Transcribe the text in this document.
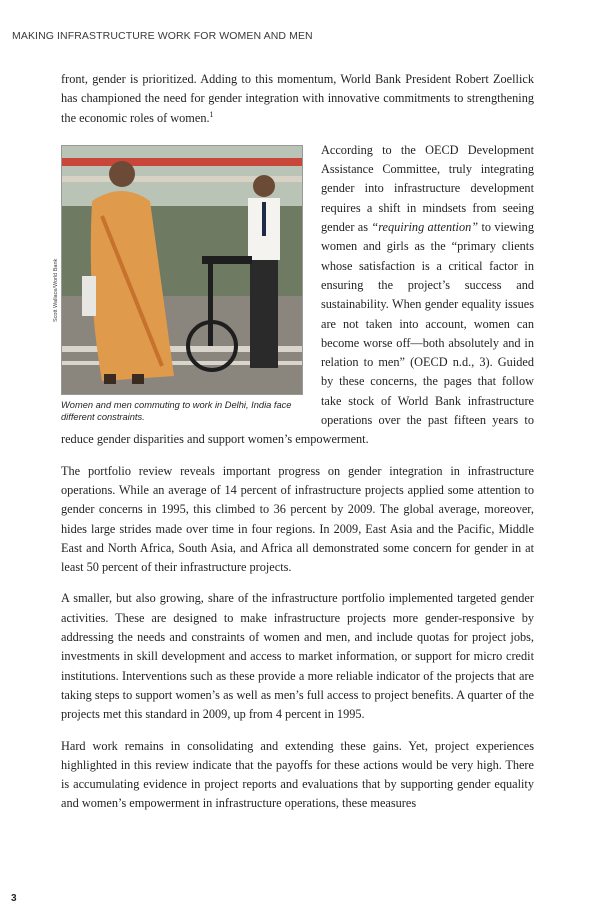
MAKING INFRASTRUCTURE WORK FOR WOMEN AND MEN

front, gender is prioritized. Adding to this momentum, World Bank President Robert Zoellick has championed the need for gender integration with innovative commitments to strengthening the economic roles of women.$^1$

Scott Wallace/World Bank
Women and men commuting to work in Delhi, India face different constraints.

According to the OECD Development Assistance Committee, truly integrating gender into infrastructure development requires a shift in mindsets from seeing gender as “requiring attention” to viewing women and girls as the “primary clients whose satisfaction is a critical factor in ensuring the project’s success and sustainability. When gender equality issues are not taken into account, women can become worse off—both absolutely and in relation to men” (OECD n.d., 3). Guided by these concerns, the pages that follow take stock of World Bank infrastructure operations over the past fifteen years to reduce gender disparities and support women’s empowerment.

The portfolio review reveals important progress on gender integration in infrastructure operations. While an average of 14 percent of infrastructure projects applied some attention to gender concerns in 1995, this climbed to 36 percent by 2009. The global average, moreover, hides large strides made over time in four regions. In 2009, East Asia and the Pacific, Middle East and North Africa, South Asia, and Africa all demonstrated some concern for gender in at least 50 percent of their infrastructure projects.

A smaller, but also growing, share of the infrastructure portfolio implemented targeted gender activities. These are designed to make infrastructure projects more gender-responsive by addressing the needs and constraints of women and men, and include quotas for project jobs, investments in skill development and access to market information, or support for micro credit institutions. Interventions such as these provide a more reliable indicator of the projects that are taking steps to support women’s as well as men’s full access to project benefits. A quarter of the projects met this standard in 2009, up from 4 percent in 1995.

Hard work remains in consolidating and extending these gains. Yet, project experiences highlighted in this review indicate that the payoffs for these actions would be very high. There is accumulating evidence in project reports and evaluations that by supporting gender equality and women’s empowerment in infrastructure operations, these measures

3
